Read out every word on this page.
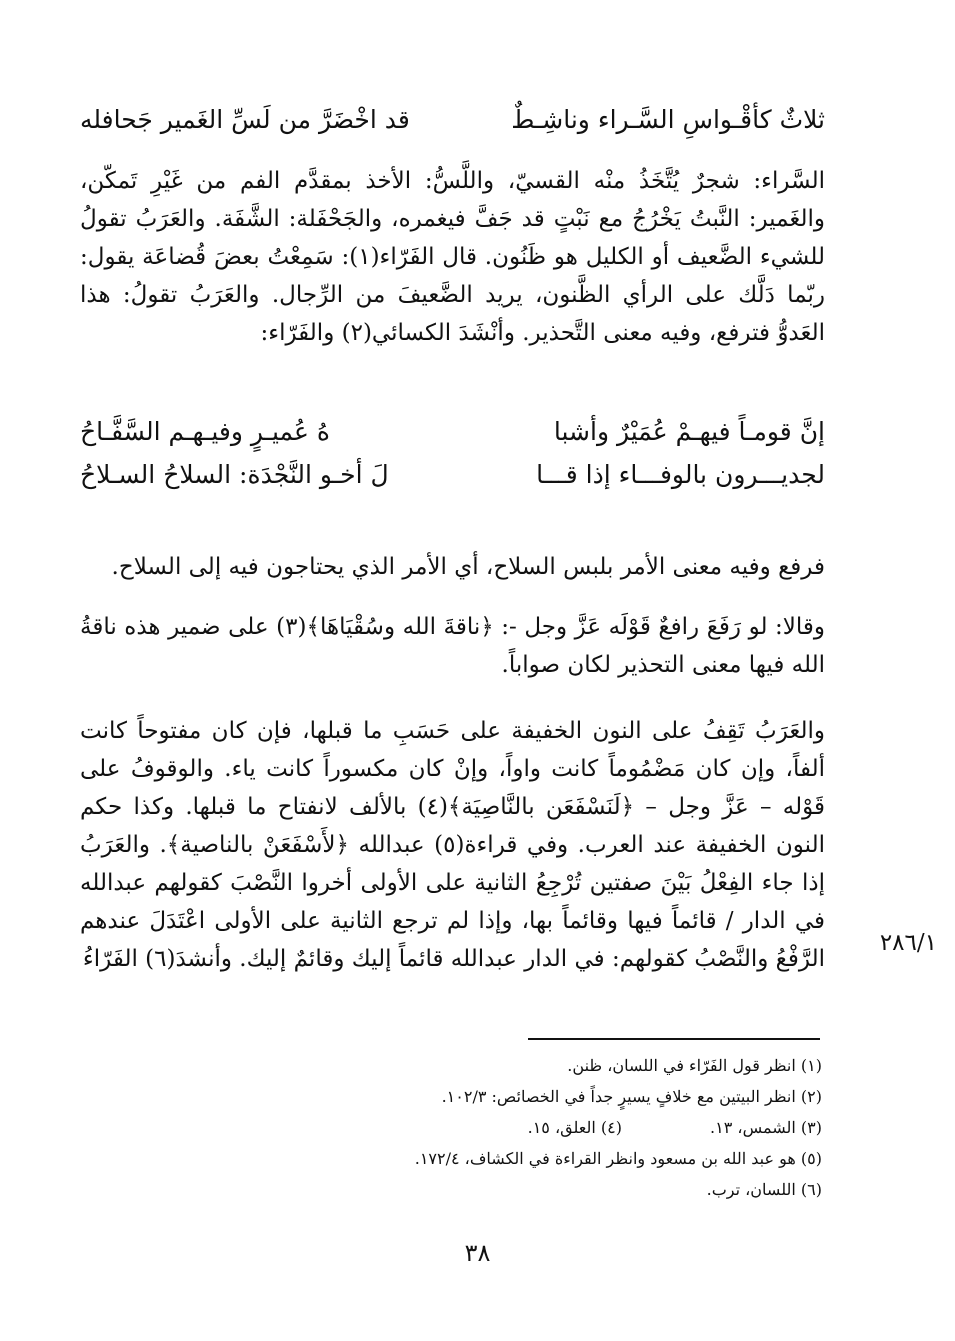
ثلاثٌ كأقْـواسِ السَّـراء وناشِـطٌ
قد اخْضَرَّ من لَسِّ الغَمير جَحافله
السَّراء: شجرٌ يُتَّخَذُ منْه القسيّ، واللَّسُّ: الأخذ بمقدَّم الفم من غَيْرِ تَمكّن، والغَمير: النَّبتُ يَخْرُجُ مع نَبْتٍ قد جَفَّ فيغمره، والجَحْفَلة: الشَّفَة. والعَرَبُ تقولُ للشيء الضَّعيف أو الكليل هو ظَنُون. قال الفَرّاء(١): سَمِعْتُ بعضَ قُضاعَة يقول: ربّما دَلَّك على الرأي الظَّنون، يريد الضَّعيفَ من الرِّجال. والعَرَبُ تقولُ: هذا العَدوُّ فترفع، وفيه معنى التَّحذير. وأنْشَدَ الكسائي(٢) والفَرّاء:
إنَّ قومـاً فيهـمْ عُمَيْرٌ وأشبا
هُ عُميـرٍ وفيـهـم السَّفَّـاحُ
لجديـــرون بالوفـــاء إذا قـــا
لَ أخـو النَّجْدَة: السلاحُ السـلاحُ
فرفع وفيه معنى الأمر بلبس السلاح، أي الأمر الذي يحتاجون فيه إلى السلاح.
وقالا: لو رَفَعَ رافعٌ قَوْلَه عَزَّ وجل -: ﴿ناقةَ الله وسُقْيَاهَا﴾(٣) على ضمير هذه ناقةُ الله فيها معنى التحذير لكان صواباً.
والعَرَبُ تَقِفُ على النون الخفيفة على حَسَبِ ما قبلها، فإن كان مفتوحاً كانت ألفاً، وإن كان مَضْمُوماً كانت واواً، وإنْ كان مكسوراً كانت ياء. والوقوفُ على قَوْله – عَزَّ وجل – ﴿لَنَسْفَعَن بالنَّاصِيَة﴾(٤) بالألف لانفتاح ما قبلها. وكذا حكم النون الخفيفة عند العرب. وفي قراءة(٥) عبدالله ﴿لأَسْفَعَنْ بالناصية﴾. والعَرَبُ إذا جاء الفِعْلُ بَيْنَ صفتين تُرْجِعُ الثانية على الأولى أخروا النَّصْبَ كقولهم عبدالله في الدار / قائماً فيها وقائماً بها، وإذا لم ترجع الثانية على الأولى اعْتَدَلَ عندهم الرَّفْعُ والنَّصْبُ كقولهم: في الدار عبدالله قائماً إليك وقائمٌ إليك. وأنشدَ(٦) الفَرّاءُ
٢٨٦/١
(١) انظر قول الفَرّاء في اللسان، ظنن.
(٢) انظر البيتين مع خلافٍ يسيرٍ جداً في الخصائص: ١٠٢/٣.
(٣) الشمس، ١٣.
(٤) العلق، ١٥.
(٥) هو عبد الله بن مسعود وانظر القراءة في الكشاف، ١٧٢/٤.
(٦) اللسان، ترب.
٣٨
